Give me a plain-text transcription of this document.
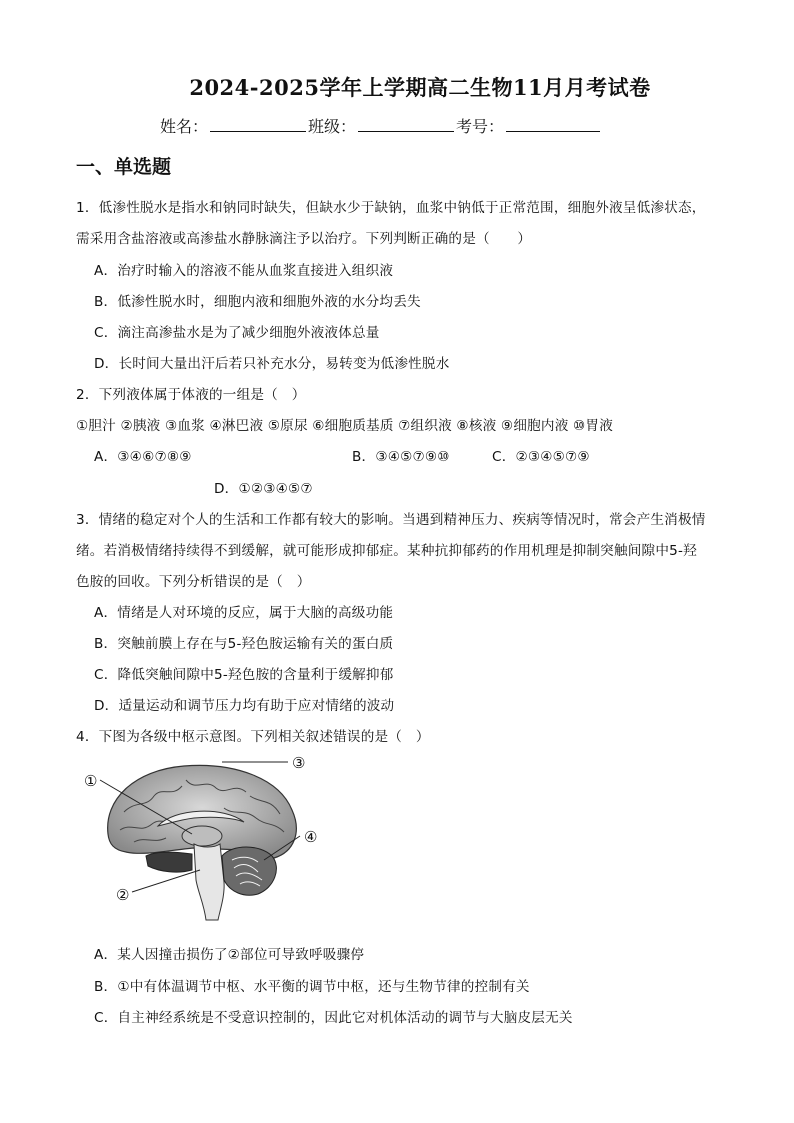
2024-2025学年上学期高二生物11月月考试卷
姓名：	班级：	考号：
一、单选题
1．低渗性脱水是指水和钠同时缺失，但缺水少于缺钠，血浆中钠低于正常范围，细胞外液呈低渗状态，
需采用含盐溶液或高渗盐水静脉滴注予以治疗。下列判断正确的是（　　）
A．治疗时输入的溶液不能从血浆直接进入组织液
B．低渗性脱水时，细胞内液和细胞外液的水分均丢失
C．滴注高渗盐水是为了减少细胞外液液体总量
D．长时间大量出汗后若只补充水分，易转变为低渗性脱水
2．下列液体属于体液的一组是（　）
①胆汁 ②胰液 ③血浆 ④淋巴液 ⑤原尿 ⑥细胞质基质 ⑦组织液 ⑧核液 ⑨细胞内液 ⑩胃液
A．③④⑥⑦⑧⑨	B．③④⑤⑦⑨⑩	C．②③④⑤⑦⑨
D．①②③④⑤⑦
3．情绪的稳定对个人的生活和工作都有较大的影响。当遇到精神压力、疾病等情况时，常会产生消极情
绪。若消极情绪持续得不到缓解，就可能形成抑郁症。某种抗抑郁药的作用机理是抑制突触间隙中5-羟
色胺的回收。下列分析错误的是（　）
A．情绪是人对环境的反应，属于大脑的高级功能
B．突触前膜上存在与5-羟色胺运输有关的蛋白质
C．降低突触间隙中5-羟色胺的含量利于缓解抑郁
D．适量运动和调节压力均有助于应对情绪的波动
4．下图为各级中枢示意图。下列相关叙述错误的是（　）
①
②
③
④
A．某人因撞击损伤了②部位可导致呼吸骤停
B．①中有体温调节中枢、水平衡的调节中枢，还与生物节律的控制有关
C．自主神经系统是不受意识控制的，因此它对机体活动的调节与大脑皮层无关
